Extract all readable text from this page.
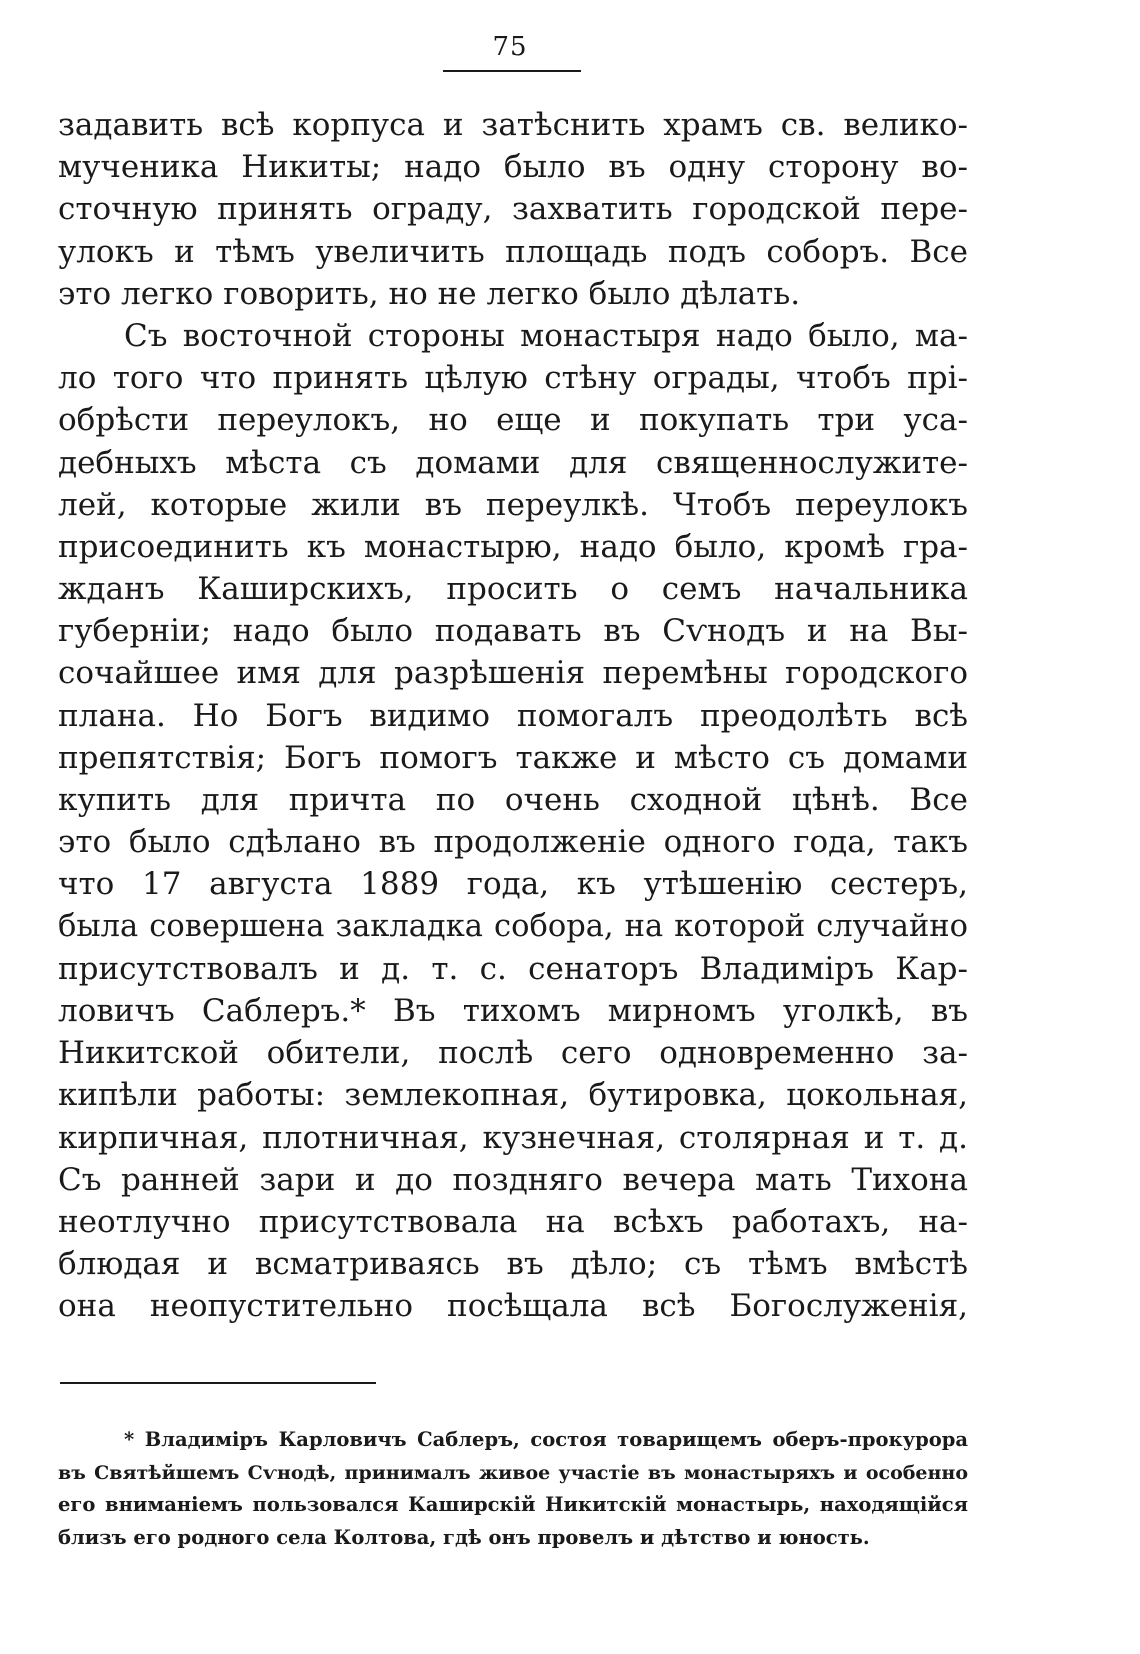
75
задавить всѣ корпуса и затѣснить храмъ св. велико-
мученика Никиты; надо было въ одну сторону во-
сточную принять ограду, захватить городской пере-
улокъ и тѣмъ увеличить площадь подъ соборъ. Все
это легко говорить, но не легко было дѣлать.
Съ восточной стороны монастыря надо было, ма-
ло того что принять цѣлую стѣну ограды, чтобъ прі-
обрѣсти переулокъ, но еще и покупать три уса-
дебныхъ мѣста съ домами для священнослужите-
лей, которые жили въ переулкѣ. Чтобъ переулокъ
присоединить къ монастырю, надо было, кромѣ гра-
жданъ Каширскихъ, просить о семъ начальника
губерніи; надо было подавать въ Сѵнодъ и на Вы-
сочайшее имя для разрѣшенія перемѣны городского
плана. Но Богъ видимо помогалъ преодолѣть всѣ
препятствія; Богъ помогъ также и мѣсто съ домами
купить для причта по очень сходной цѣнѣ. Все
это было сдѣлано въ продолженіе одного года, такъ
что 17 августа 1889 года, къ утѣшенію сестеръ,
была совершена закладка собора, на которой случайно
присутствовалъ и д. т. с. сенаторъ Владиміръ Кар-
ловичъ Саблеръ.* Въ тихомъ мирномъ уголкѣ, въ
Никитской обители, послѣ сего одновременно за-
кипѣли работы: землекопная, бутировка, цокольная,
кирпичная, плотничная, кузнечная, столярная и т. д.
Съ ранней зари и до поздняго вечера мать Тихона
неотлучно присутствовала на всѣхъ работахъ, на-
блюдая и всматриваясь въ дѣло; съ тѣмъ вмѣстѣ
она неопустительно посѣщала всѣ Богослуженія,
* Владиміръ Карловичъ Саблеръ, состоя товарищемъ оберъ-прокурора
въ Святѣйшемъ Сѵнодѣ, принималъ живое участіе въ монастыряхъ и особенно
его вниманіемъ пользовался Каширскій Никитскій монастырь, находящійся
близъ его родного села Колтова, гдѣ онъ провелъ и дѣтство и юность.
